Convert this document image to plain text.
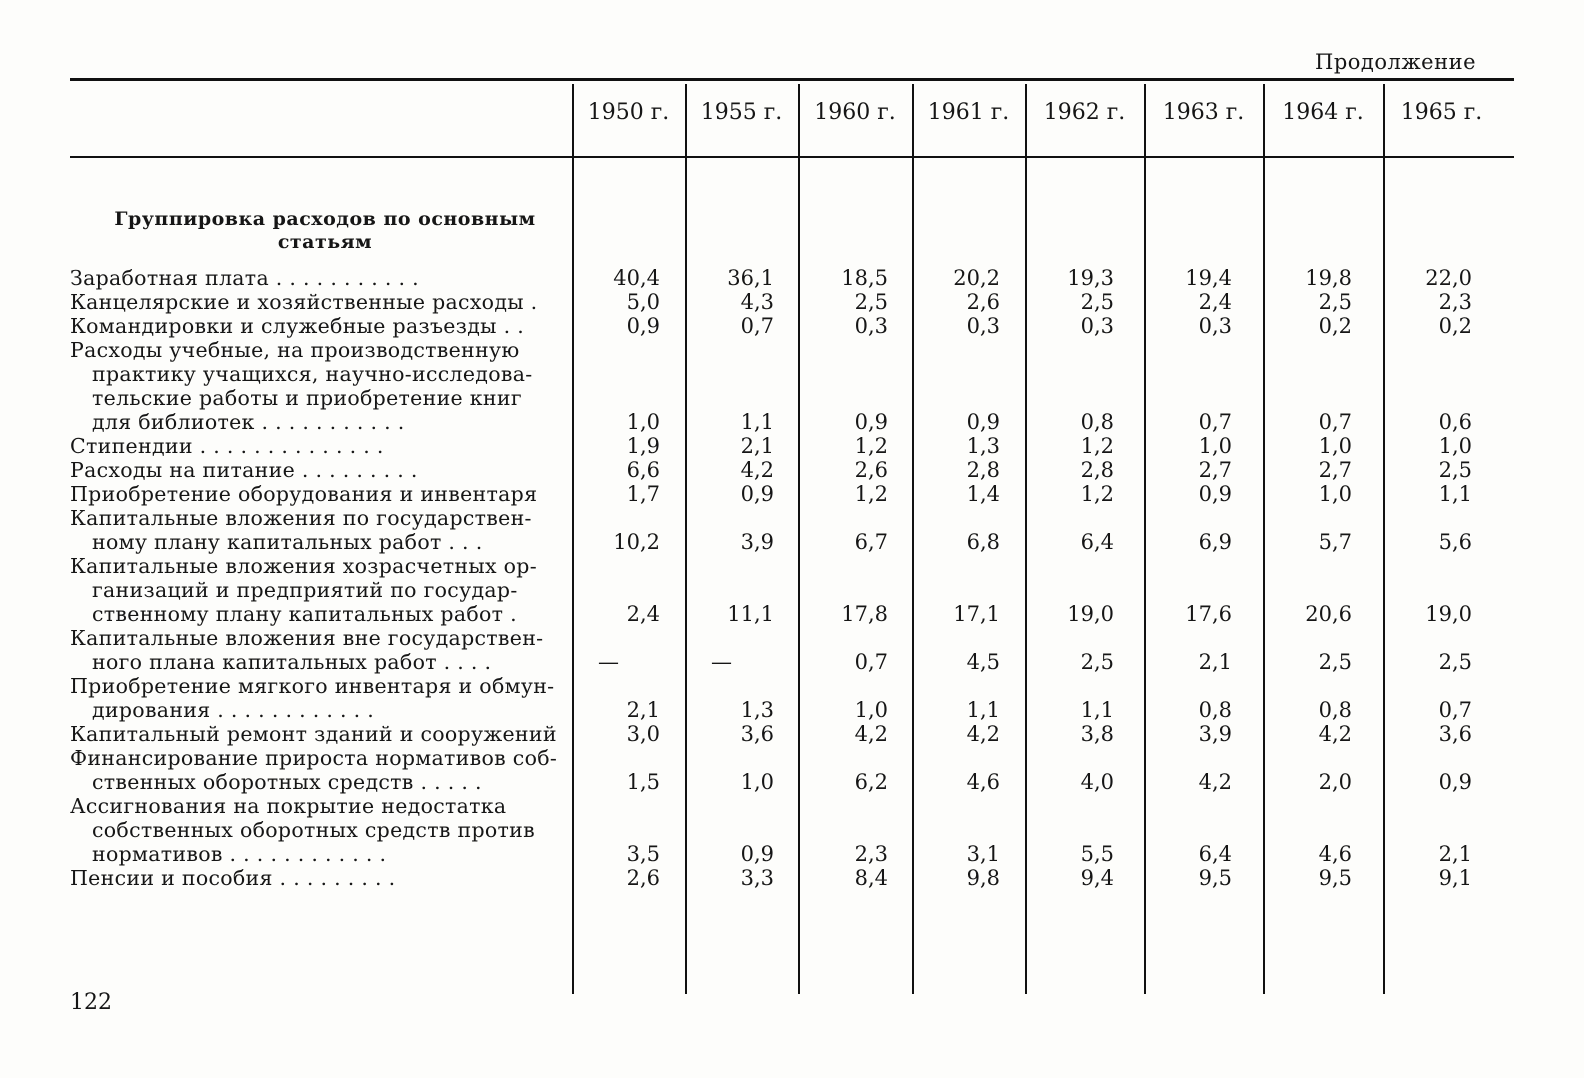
Продолжение
1950 г.	1955 г.	1960 г.	1961 г.	1962 г.	1963 г.	1964 г.	1965 г.
Группировка расходов по основным статьям
Заработная плата . . . . . . . . . . .	40,4	36,1	18,5	20,2	19,3	19,4	19,8	22,0
Канцелярские и хозяйственные расходы .	5,0	4,3	2,5	2,6	2,5	2,4	2,5	2,3
Командировки и служебные разъезды . .	0,9	0,7	0,3	0,3	0,3	0,3	0,2	0,2
Расходы учебные, на производственную
практику учащихся, научно-исследова-
тельские работы и приобретение книг
для библиотек . . . . . . . . . . .	1,0	1,1	0,9	0,9	0,8	0,7	0,7	0,6
Стипендии . . . . . . . . . . . . . .	1,9	2,1	1,2	1,3	1,2	1,0	1,0	1,0
Расходы на питание . . . . . . . . .	6,6	4,2	2,6	2,8	2,8	2,7	2,7	2,5
Приобретение оборудования и инвентаря	1,7	0,9	1,2	1,4	1,2	0,9	1,0	1,1
Капитальные вложения по государствен-
ному плану капитальных работ . . .	10,2	3,9	6,7	6,8	6,4	6,9	5,7	5,6
Капитальные вложения хозрасчетных ор-
ганизаций и предприятий по государ-
ственному плану капитальных работ .	2,4	11,1	17,8	17,1	19,0	17,6	20,6	19,0
Капитальные вложения вне государствен-
ного плана капитальных работ . . . .	—	—	0,7	4,5	2,5	2,1	2,5	2,5
Приобретение мягкого инвентаря и обмун-
дирования . . . . . . . . . . . .	2,1	1,3	1,0	1,1	1,1	0,8	0,8	0,7
Капитальный ремонт зданий и сооружений	3,0	3,6	4,2	4,2	3,8	3,9	4,2	3,6
Финансирование прироста нормативов соб-
ственных оборотных средств . . . . .	1,5	1,0	6,2	4,6	4,0	4,2	2,0	0,9
Ассигнования на покрытие недостатка
собственных оборотных средств против
нормативов . . . . . . . . . . . .	3,5	0,9	2,3	3,1	5,5	6,4	4,6	2,1
Пенсии и пособия . . . . . . . . .	2,6	3,3	8,4	9,8	9,4	9,5	9,5	9,1
122
